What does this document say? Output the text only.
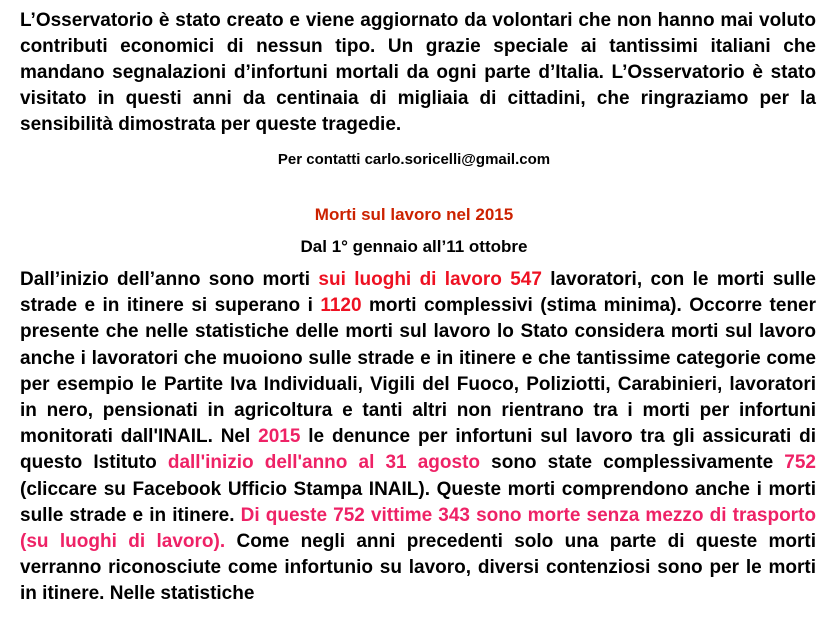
L’Osservatorio è stato creato e viene aggiornato da volontari che non hanno mai voluto contributi economici di nessun tipo. Un grazie speciale ai tantissimi italiani che mandano segnalazioni d’infortuni mortali da ogni parte d’Italia. L’Osservatorio è stato visitato in questi anni da centinaia di migliaia di cittadini, che ringraziamo per la sensibilità dimostrata per queste tragedie.

Per contatti carlo.soricelli@gmail.com
Morti sul lavoro nel 2015
Dal 1° gennaio all’11 ottobre

Dall’inizio dell’anno sono morti sui luoghi di lavoro 547 lavoratori, con le morti sulle strade e in itinere si superano i 1120 morti complessivi (stima minima). Occorre tener presente che nelle statistiche delle morti sul lavoro lo Stato considera morti sul lavoro anche i lavoratori che muoiono sulle strade e in itinere e che tantissime categorie come per esempio le Partite Iva Individuali, Vigili del Fuoco, Poliziotti, Carabinieri, lavoratori in nero, pensionati in agricoltura e tanti altri non rientrano tra i morti per infortuni monitorati dall'INAIL. Nel 2015 le denunce per infortuni sul lavoro tra gli assicurati di questo Istituto dall'inizio dell'anno al 31 agosto sono state complessivamente 752 (cliccare su Facebook Ufficio Stampa INAIL). Queste morti comprendono anche i morti sulle strade e in itinere. Di queste 752 vittime 343 sono morte senza mezzo di trasporto (su luoghi di lavoro). Come negli anni precedenti solo una parte di queste morti verranno riconosciute come infortunio su lavoro, diversi contenziosi sono per le morti in itinere. Nelle statistiche
